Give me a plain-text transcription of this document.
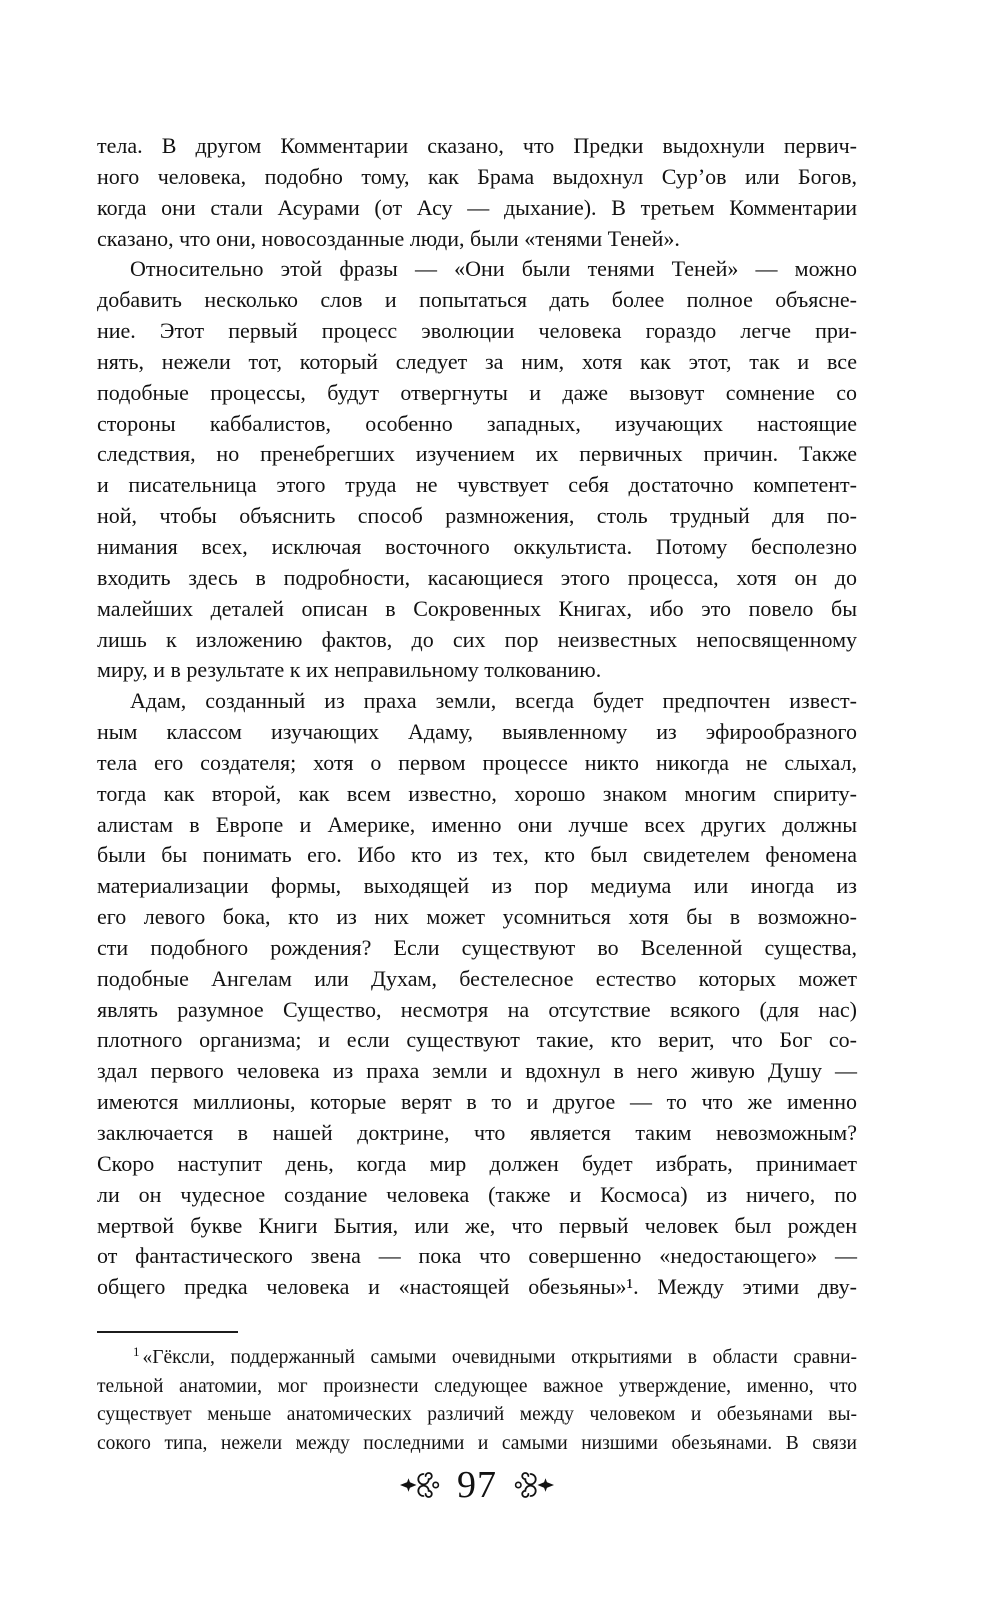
тела. В другом Комментарии сказано, что Предки выдохнули первич-
ного человека, подобно тому, как Брама выдохнул Сур’ов или Богов,
когда они стали Асурами (от Асу — дыхание). В третьем Комментарии
сказано, что они, новосозданные люди, были «тенями Теней».
Относительно этой фразы — «Они были тенями Теней» — можно
добавить несколько слов и попытаться дать более полное объясне-
ние. Этот первый процесс эволюции человека гораздо легче при-
нять, нежели тот, который следует за ним, хотя как этот, так и все
подобные процессы, будут отвергнуты и даже вызовут сомнение со
стороны каббалистов, особенно западных, изучающих настоящие
следствия, но пренебрегших изучением их первичных причин. Также
и писательница этого труда не чувствует себя достаточно компетент-
ной, чтобы объяснить способ размножения, столь трудный для по-
нимания всех, исключая восточного оккультиста. Потому бесполезно
входить здесь в подробности, касающиеся этого процесса, хотя он до
малейших деталей описан в Сокровенных Книгах, ибо это повело бы
лишь к изложению фактов, до сих пор неизвестных непосвященному
миру, и в результате к их неправильному толкованию.
Адам, созданный из праха земли, всегда будет предпочтен извест-
ным классом изучающих Адаму, выявленному из эфирообразного
тела его создателя; хотя о первом процессе никто никогда не слыхал,
тогда как второй, как всем известно, хорошо знаком многим спириту-
алистам в Европе и Америке, именно они лучше всех других должны
были бы понимать его. Ибо кто из тех, кто был свидетелем феномена
материализации формы, выходящей из пор медиума или иногда из
его левого бока, кто из них может усомниться хотя бы в возможно-
сти подобного рождения? Если существуют во Вселенной существа,
подобные Ангелам или Духам, бестелесное естество которых может
являть разумное Существо, несмотря на отсутствие всякого (для нас)
плотного организма; и если существуют такие, кто верит, что Бог со-
здал первого человека из праха земли и вдохнул в него живую Душу —
имеются миллионы, которые верят в то и другое — то что же именно
заключается в нашей доктрине, что является таким невозможным?
Скоро наступит день, когда мир должен будет избрать, принимает
ли он чудесное создание человека (также и Космоса) из ничего, по
мертвой букве Книги Бытия, или же, что первый человек был рожден
от фантастического звена — пока что совершенно «недостающего» —
общего предка человека и «настоящей обезьяны»¹. Между этими дву-
$^1$ «Гёксли, поддержанный самыми очевидными открытиями в области сравни-
тельной анатомии, мог произнести следующее важное утверждение, именно, что
существует меньше анатомических различий между человеком и обезьянами вы-
сокого типа, нежели между последними и самыми низшими обезьянами. В связи
97
